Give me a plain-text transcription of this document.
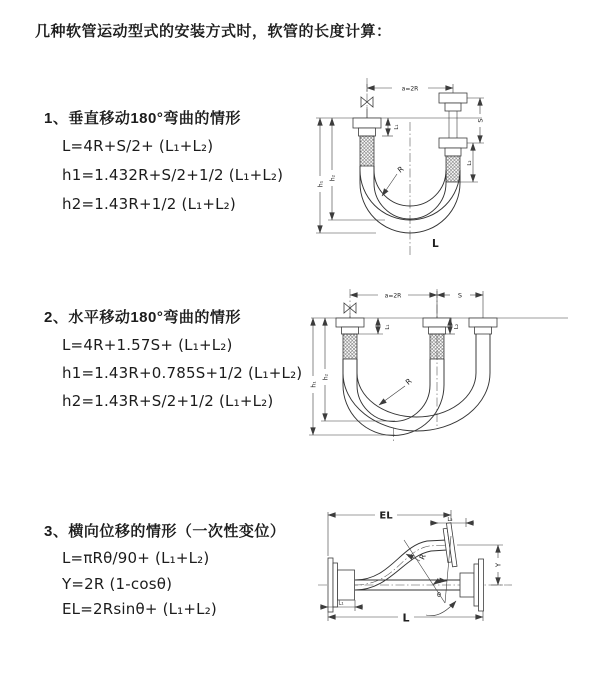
几种软管运动型式的安装方式时，软管的长度计算：
1、垂直移动180°弯曲的情形
L=4R+S/2+ (L₁+L₂)
h1=1.432R+S/2+1/2 (L₁+L₂)
h2=1.43R+1/2 (L₁+L₂)
2、水平移动180°弯曲的情形
L=4R+1.57S+ (L₁+L₂)
h1=1.43R+0.785S+1/2 (L₁+L₂)
h2=1.43R+S/2+1/2 (L₁+L₂)
3、横向位移的情形（一次性变位）
L=πRθ/90+ (L₁+L₂)
Y=2R (1-cosθ)
EL=2Rsinθ+ (L₁+L₂)
a=2R
h₁
h₂
L₁
S
L₂
R
L
a=2R	S
h₁
h₂
L₁	L₂
R
EL	L₂
Y
L
L₁
R
θ
